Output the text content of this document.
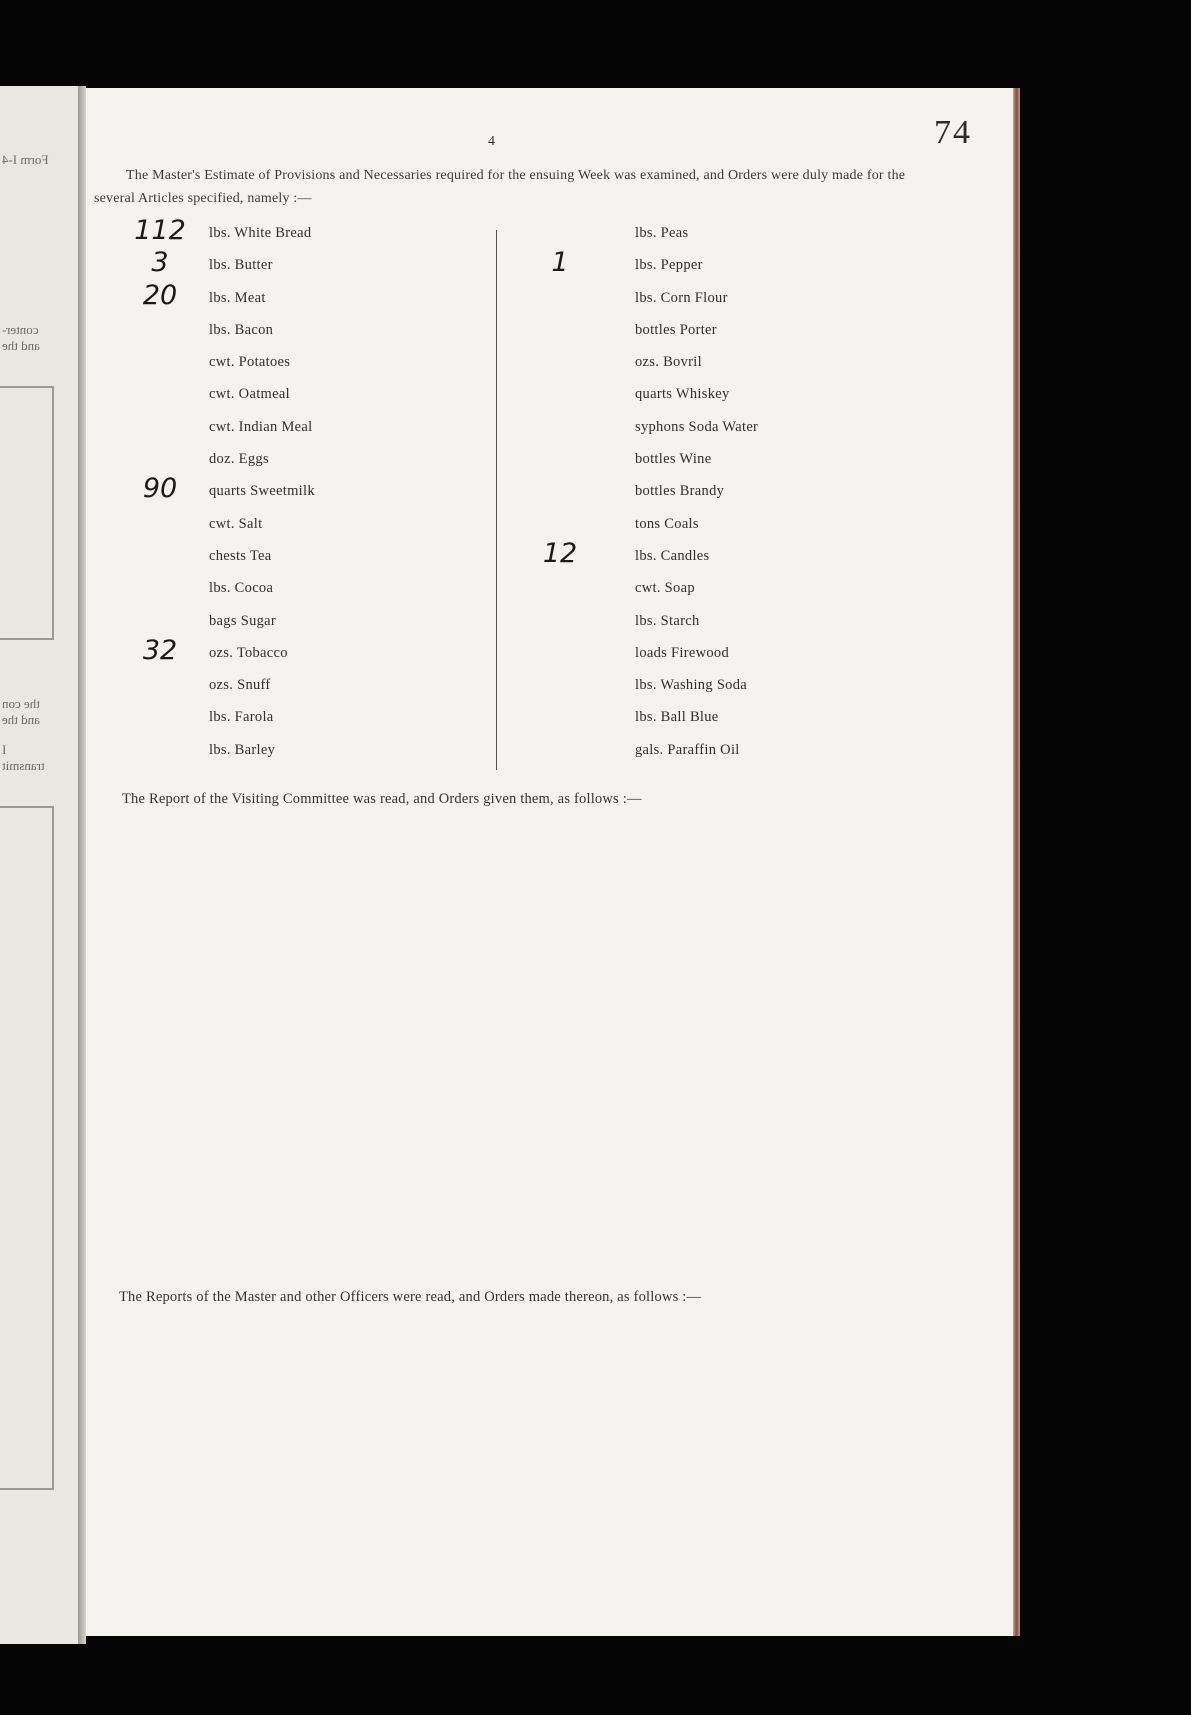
Form I-4
conter-
and the
the con
and the
I
transmit
4	74
The Master's Estimate of Provisions and Necessaries required for the ensuing Week was examined, and Orders were duly made for the several Articles specified, namely :—
112	lbs. White Bread
3	lbs. Butter
20	lbs. Meat
lbs. Bacon
cwt. Potatoes
cwt. Oatmeal
cwt. Indian Meal
doz. Eggs
90	quarts Sweetmilk
cwt. Salt
chests Tea
lbs. Cocoa
bags Sugar
32	ozs. Tobacco
ozs. Snuff
lbs. Farola
lbs. Barley
lbs. Peas
1	lbs. Pepper
lbs. Corn Flour
bottles Porter
ozs. Bovril
quarts Whiskey
syphons Soda Water
bottles Wine
bottles Brandy
tons Coals
12	lbs. Candles
cwt. Soap
lbs. Starch
loads Firewood
lbs. Washing Soda
lbs. Ball Blue
gals. Paraffin Oil
The Report of the Visiting Committee was read, and Orders given them, as follows :—
The Reports of the Master and other Officers were read, and Orders made thereon, as follows :—
